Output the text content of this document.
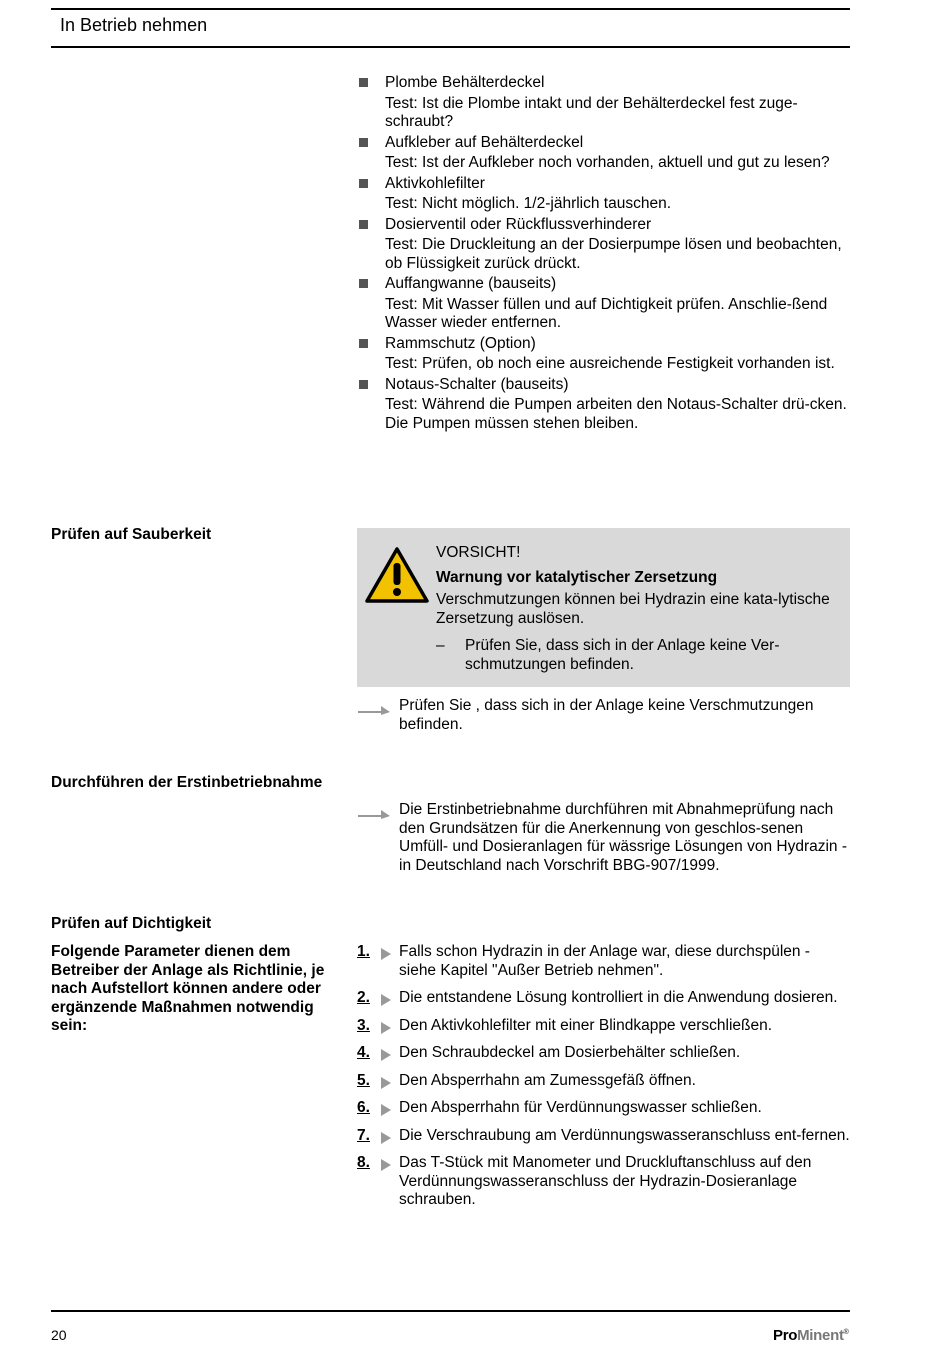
In Betrieb nehmen
Plombe Behälterdeckel
Test: Ist die Plombe intakt und der Behälterdeckel fest zuge-schraubt?
Aufkleber auf Behälterdeckel
Test: Ist der Aufkleber noch vorhanden, aktuell und gut zu lesen?
Aktivkohlefilter
Test: Nicht möglich. 1/2-jährlich tauschen.
Dosierventil oder Rückflussverhinderer
Test: Die Druckleitung an der Dosierpumpe lösen und beobachten, ob Flüssigkeit zurück drückt.
Auffangwanne (bauseits)
Test: Mit Wasser füllen und auf Dichtigkeit prüfen. Anschlie-ßend Wasser wieder entfernen.
Rammschutz (Option)
Test: Prüfen, ob noch eine ausreichende Festigkeit vorhanden ist.
Notaus-Schalter (bauseits)
Test: Während die Pumpen arbeiten den Notaus-Schalter drü-cken. Die Pumpen müssen stehen bleiben.
Prüfen auf Sauberkeit
VORSICHT!
Warnung vor katalytischer Zersetzung
Verschmutzungen können bei Hydrazin eine kata-lytische Zersetzung auslösen.
– Prüfen Sie, dass sich in der Anlage keine Ver-schmutzungen befinden.
Prüfen Sie , dass sich in der Anlage keine Verschmutzungen befinden.
Durchführen der Erstinbetriebnahme
Die Erstinbetriebnahme durchführen mit Abnahmeprüfung nach den Grundsätzen für die Anerkennung von geschlos-senen Umfüll- und Dosieranlagen für wässrige Lösungen von Hydrazin - in Deutschland nach Vorschrift BBG-907/1999.
Prüfen auf Dichtigkeit
Folgende Parameter dienen dem Betreiber der Anlage als Richtlinie, je nach Aufstellort können andere oder ergänzende Maßnahmen notwendig sein:
1. Falls schon Hydrazin in der Anlage war, diese durchspülen - siehe Kapitel "Außer Betrieb nehmen".
2. Die entstandene Lösung kontrolliert in die Anwendung dosieren.
3. Den Aktivkohlefilter mit einer Blindkappe verschließen.
4. Den Schraubdeckel am Dosierbehälter schließen.
5. Den Absperrhahn am Zumessgefäß öffnen.
6. Den Absperrhahn für Verdünnungswasser schließen.
7. Die Verschraubung am Verdünnungswasseranschluss ent-fernen.
8. Das T-Stück mit Manometer und Druckluftanschluss auf den Verdünnungswasseranschluss der Hydrazin-Dosieranlage schrauben.
20	ProMinent®
